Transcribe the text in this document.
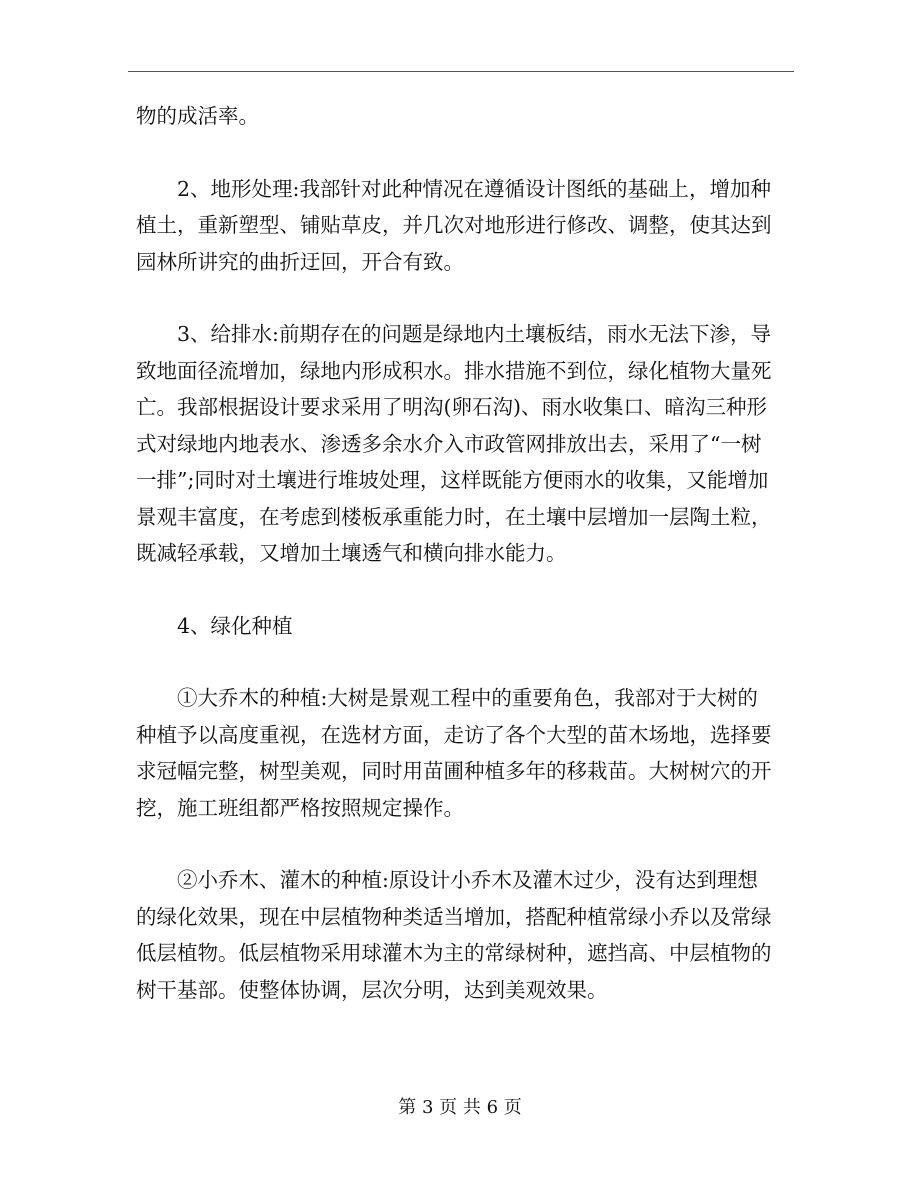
物的成活率。
　　2、地形处理:我部针对此种情况在遵循设计图纸的基础上，增加种
植土，重新塑型、铺贴草皮，并几次对地形进行修改、调整，使其达到
园林所讲究的曲折迂回，开合有致。
　　3、给排水:前期存在的问题是绿地内土壤板结，雨水无法下渗，导
致地面径流增加，绿地内形成积水。排水措施不到位，绿化植物大量死
亡。我部根据设计要求采用了明沟(卵石沟)、雨水收集口、暗沟三种形
式对绿地内地表水、渗透多余水介入市政管网排放出去，采用了“一树
一排”;同时对土壤进行堆坡处理，这样既能方便雨水的收集，又能增加
景观丰富度，在考虑到楼板承重能力时，在土壤中层增加一层陶土粒，
既减轻承载，又增加土壤透气和横向排水能力。
　　4、绿化种植
　　①大乔木的种植:大树是景观工程中的重要角色，我部对于大树的
种植予以高度重视，在选材方面，走访了各个大型的苗木场地，选择要
求冠幅完整，树型美观，同时用苗圃种植多年的移栽苗。大树树穴的开
挖，施工班组都严格按照规定操作。
　　②小乔木、灌木的种植:原设计小乔木及灌木过少，没有达到理想
的绿化效果，现在中层植物种类适当增加，搭配种植常绿小乔以及常绿
低层植物。低层植物采用球灌木为主的常绿树种，遮挡高、中层植物的
树干基部。使整体协调，层次分明，达到美观效果。
第 3 页 共 6 页
